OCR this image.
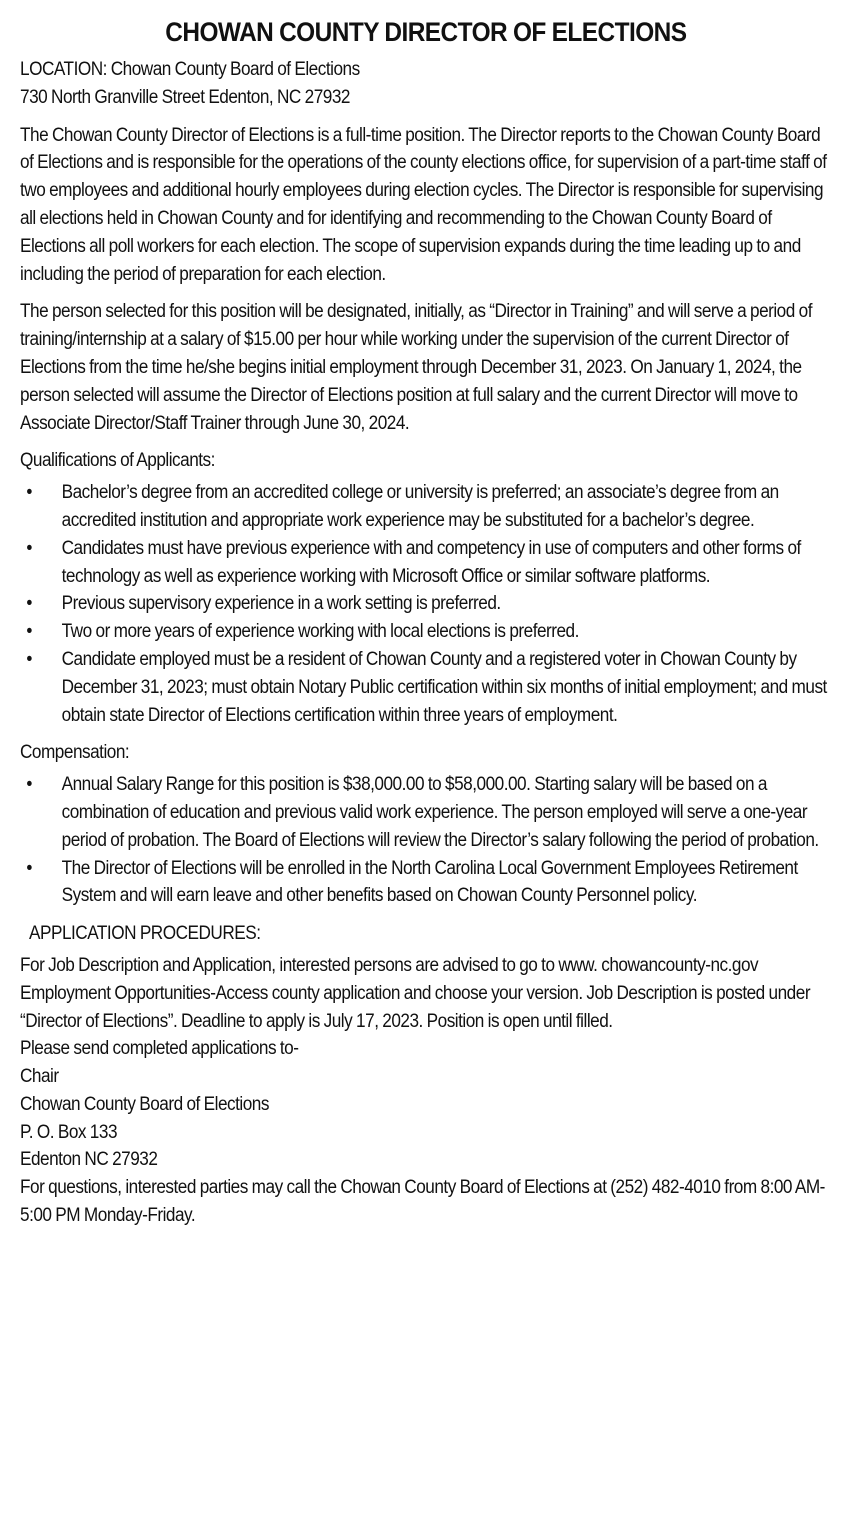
CHOWAN COUNTY DIRECTOR OF ELECTIONS

LOCATION: Chowan County Board of Elections

730 North Granville Street Edenton, NC 27932

The Chowan County Director of Elections is a full-time position. The Director reports to the Chowan County Board of Elections and is responsible for the operations of the county elections office, for supervision of a part-time staff of two employees and additional hourly employees during election cycles. The Director is responsible for supervising all elections held in Chowan County and for identifying and recommending to the Chowan County Board of Elections all poll workers for each election. The scope of supervision expands during the time leading up to and including the period of preparation for each election.

The person selected for this position will be designated, initially, as “Director in Training” and will serve a period of training/internship at a salary of $15.00 per hour while working under the supervision of the current Director of Elections from the time he/she begins initial employment through December 31, 2023. On January 1, 2024, the person selected will assume the Director of Elections position at full salary and the current Director will move to Associate Director/Staff Trainer through June 30, 2024.

Qualifications of Applicants:
• Bachelor’s degree from an accredited college or university is preferred; an associate’s degree from an accredited institution and appropriate work experience may be substituted for a bachelor’s degree.
• Candidates must have previous experience with and competency in use of computers and other forms of technology as well as experience working with Microsoft Office or similar software platforms.
• Previous supervisory experience in a work setting is preferred.
• Two or more years of experience working with local elections is preferred.
• Candidate employed must be a resident of Chowan County and a registered voter in Chowan County by December 31, 2023; must obtain Notary Public certification within six months of initial employment; and must obtain state Director of Elections certification within three years of employment.
Compensation:
• Annual Salary Range for this position is $38,000.00 to $58,000.00. Starting salary will be based on a combination of education and previous valid work experience. The person employed will serve a one-year period of probation. The Board of Elections will review the Director’s salary following the period of probation.
• The Director of Elections will be enrolled in the North Carolina Local Government Employees Retirement System and will earn leave and other benefits based on Chowan County Personnel policy.
APPLICATION PROCEDURES:

For Job Description and Application, interested persons are advised to go to www. chowancounty-nc.gov Employment Opportunities-Access county application and choose your version. Job Description is posted under “Director of Elections”. Deadline to apply is July 17, 2023. Position is open until filled.

Please send completed applications to-

Chair

Chowan County Board of Elections

P. O. Box 133

Edenton NC 27932

For questions, interested parties may call the Chowan County Board of Elections at (252) 482-4010 from 8:00 AM-5:00 PM Monday-Friday.
